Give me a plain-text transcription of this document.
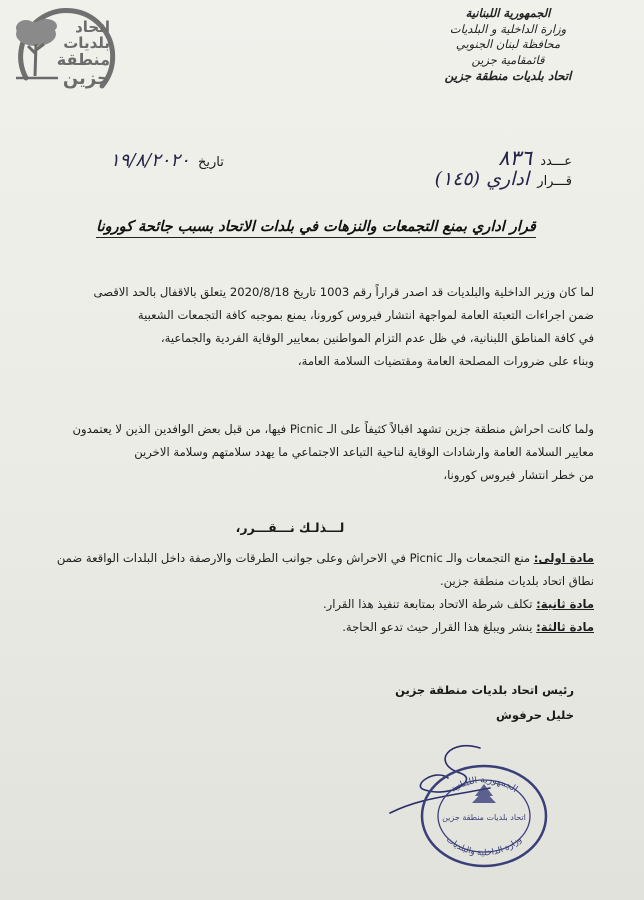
اتحاد
بلديات
منطقة
جزين
الجمهورية اللبنانية
وزارة الداخلية و البلديات
محافظة لبنان الجنوبي
قائمقامية جزين
اتحاد بلديات منطقة جزين
عـــدد ٨٣٦
قـــرار اداري (١٤٥)
تاريخ ١٩/٨/٢٠٢٠
قرار اداري بمنع التجمعات والنزهات في بلدات الاتحاد بسبب جائحة كورونا
لما كان وزير الداخلية والبلديات قد اصدر قراراً رقم 1003 تاريخ 2020/8/18 يتعلق بالاقفال بالحد الاقصى
ضمن اجراءات التعبئة العامة لمواجهة انتشار فيروس كورونا، يمنع بموجبه كافة التجمعات الشعبية
في كافة المناطق اللبنانية، في ظل عدم التزام المواطنين بمعايير الوقاية الفردية والجماعية،
وبناء على ضرورات المصلحة العامة ومقتضيات السلامة العامة،
ولما كانت احراش منطقة جزين تشهد اقبالاً كثيفاً على الـ Picnic فيها، من قبل بعض الوافدين الذين لا يعتمدون
معايير السلامة العامة وارشادات الوقاية لناحية التباعد الاجتماعي ما يهدد سلامتهم وسلامة الاخرين
من خطر انتشار فيروس كورونا،
لـــذلـك نـــقـــرر،
مادة اولى: منع التجمعات والـ Picnic في الاحراش وعلى جوانب الطرقات والارصفة داخل البلدات الواقعة ضمن
نطاق اتحاد بلديات منطقة جزين.
مادة ثانية: تكلف شرطة الاتحاد بمتابعة تنفيذ هذا القرار.
مادة ثالثة: ينشر ويبلغ هذا القرار حيث تدعو الحاجة.
رئيس اتحاد بلديات منطقة جزين
خليل حرفوش
الجمهورية اللبنانية
اتحاد بلديات منطقة جزين
وزارة الداخلية والبلديات
